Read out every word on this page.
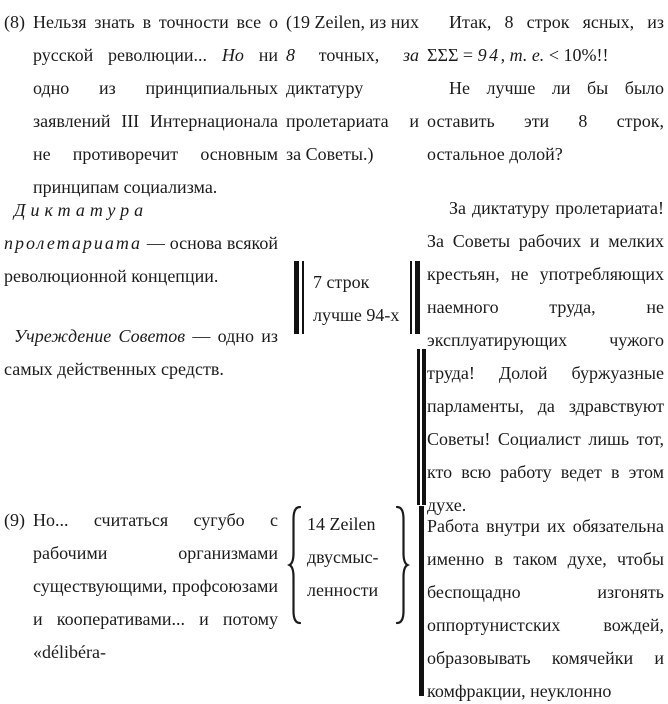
(8) Нельзя знать в точности все о русской революции... Но ни одно из принципиальных заявлений III Интернационала не противоречит основным принципам социализма.
Диктатура пролетариата — основа всякой революционной концепции.
Учреждение Советов — одно из самых действенных средств.
(9) Но... считаться сугубо с рабочими организмами существующими, профсоюзами и кооперативами... и потому «délibéra-
(19 Zeilen, из них 8 точных, за диктатуру пролетариата и за Советы.)
7 строк
лучше 94-х
14 Zeilen
двусмыс-
ленности
Итак, 8 строк ясных, из ΣΣΣ = 94, т. е. < 10%!!
Не лучше ли бы было оставить эти 8 строк, остальное долой?
За диктатуру пролетариата! За Советы рабочих и мелких крестьян, не употребляющих наемного труда, не эксплуатирующих чужого труда! Долой буржуазные парламенты, да здравствуют Советы! Социалист лишь тот, кто всю работу ведет в этом духе.
Работа внутри их обязательна именно в таком духе, чтобы беспощадно изгонять оппортунистских вождей, образовывать комячейки и комфракции, неуклонно
